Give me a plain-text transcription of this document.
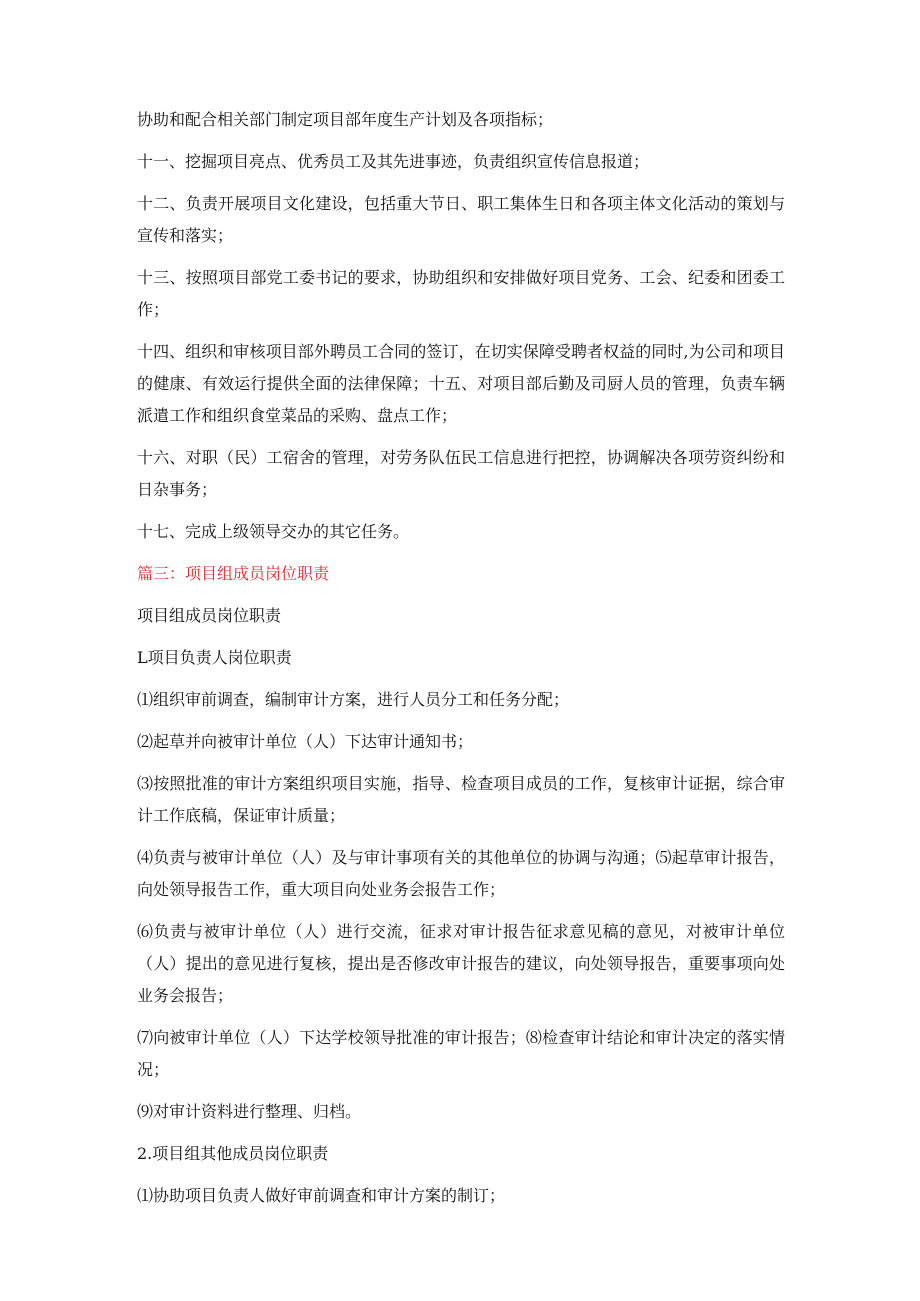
协助和配合相关部门制定项目部年度生产计划及各项指标；

十一、挖掘项目亮点、优秀员工及其先进事迹，负责组织宣传信息报道；

十二、负责开展项目文化建设，包括重大节日、职工集体生日和各项主体文化活动的策划与宣传和落实；

十三、按照项目部党工委书记的要求，协助组织和安排做好项目党务、工会、纪委和团委工作；

十四、组织和审核项目部外聘员工合同的签订，在切实保障受聘者权益的同时,为公司和项目的健康、有效运行提供全面的法律保障；十五、对项目部后勤及司厨人员的管理，负责车辆派遣工作和组织食堂菜品的采购、盘点工作；

十六、对职（民）工宿舍的管理，对劳务队伍民工信息进行把控，协调解决各项劳资纠纷和日杂事务；

十七、完成上级领导交办的其它任务。

篇三：项目组成员岗位职责

项目组成员岗位职责

L项目负责人岗位职责

⑴组织审前调查，编制审计方案，进行人员分工和任务分配；

⑵起草并向被审计单位（人）下达审计通知书；

⑶按照批准的审计方案组织项目实施，指导、检查项目成员的工作，复核审计证据，综合审计工作底稿，保证审计质量；

⑷负责与被审计单位（人）及与审计事项有关的其他单位的协调与沟通；⑸起草审计报告，向处领导报告工作，重大项目向处业务会报告工作；

⑹负责与被审计单位（人）进行交流，征求对审计报告征求意见稿的意见，对被审计单位（人）提出的意见进行复核，提出是否修改审计报告的建议，向处领导报告，重要事项向处业务会报告；

⑺向被审计单位（人）下达学校领导批准的审计报告；⑻检查审计结论和审计决定的落实情况；

⑼对审计资料进行整理、归档。

2.项目组其他成员岗位职责

⑴协助项目负责人做好审前调查和审计方案的制订；
